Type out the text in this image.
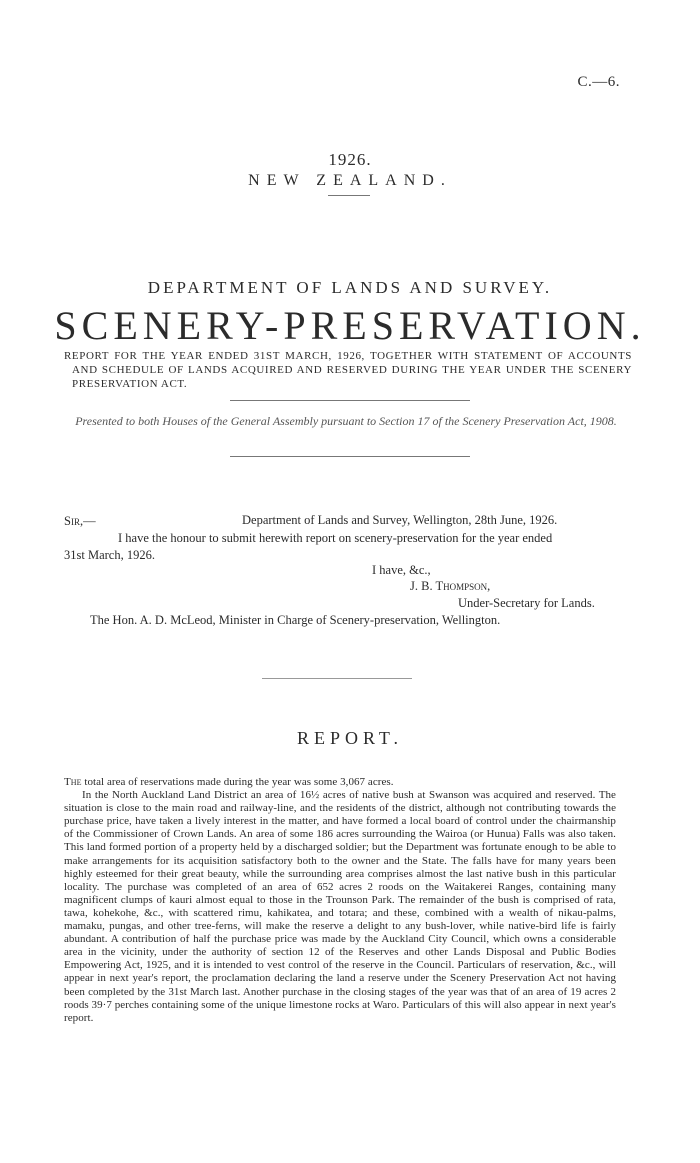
C.—6.
1926.
NEW ZEALAND.
DEPARTMENT OF LANDS AND SURVEY.
SCENERY-PRESERVATION.
REPORT FOR THE YEAR ENDED 31ST MARCH, 1926, TOGETHER WITH STATEMENT OF ACCOUNTS AND SCHEDULE OF LANDS ACQUIRED AND RESERVED DURING THE YEAR UNDER THE SCENERY PRESERVATION ACT.
Presented to both Houses of the General Assembly pursuant to Section 17 of the Scenery Preservation Act, 1908.
Sir,—	Department of Lands and Survey, Wellington, 28th June, 1926.
I have the honour to submit herewith report on scenery-preservation for the year ended
31st March, 1926.
I have, &c.,
J. B. Thompson,
Under-Secretary for Lands.
The Hon. A. D. McLeod, Minister in Charge of Scenery-preservation, Wellington.
REPORT.

The total area of reservations made during the year was some 3,067 acres.

In the North Auckland Land District an area of 16½ acres of native bush at Swanson was acquired and reserved. The situation is close to the main road and railway-line, and the residents of the district, although not contributing towards the purchase price, have taken a lively interest in the matter, and have formed a local board of control under the chairmanship of the Commissioner of Crown Lands. An area of some 186 acres surrounding the Wairoa (or Hunua) Falls was also taken. This land formed portion of a property held by a discharged soldier; but the Department was fortunate enough to be able to make arrangements for its acquisition satisfactory both to the owner and the State. The falls have for many years been highly esteemed for their great beauty, while the surrounding area comprises almost the last native bush in this particular locality. The purchase was completed of an area of 652 acres 2 roods on the Waitakerei Ranges, containing many magnificent clumps of kauri almost equal to those in the Trounson Park. The remainder of the bush is comprised of rata, tawa, kohekohe, &c., with scattered rimu, kahikatea, and totara; and these, combined with a wealth of nikau-palms, mamaku, pungas, and other tree-ferns, will make the reserve a delight to any bush-lover, while native-bird life is fairly abundant. A contribution of half the purchase price was made by the Auckland City Council, which owns a considerable area in the vicinity, under the authority of section 12 of the Reserves and other Lands Disposal and Public Bodies Empowering Act, 1925, and it is intended to vest control of the reserve in the Council. Particulars of reservation, &c., will appear in next year's report, the proclamation declaring the land a reserve under the Scenery Preservation Act not having been completed by the 31st March last. Another purchase in the closing stages of the year was that of an area of 19 acres 2 roods 39·7 perches containing some of the unique limestone rocks at Waro. Particulars of this will also appear in next year's report.
